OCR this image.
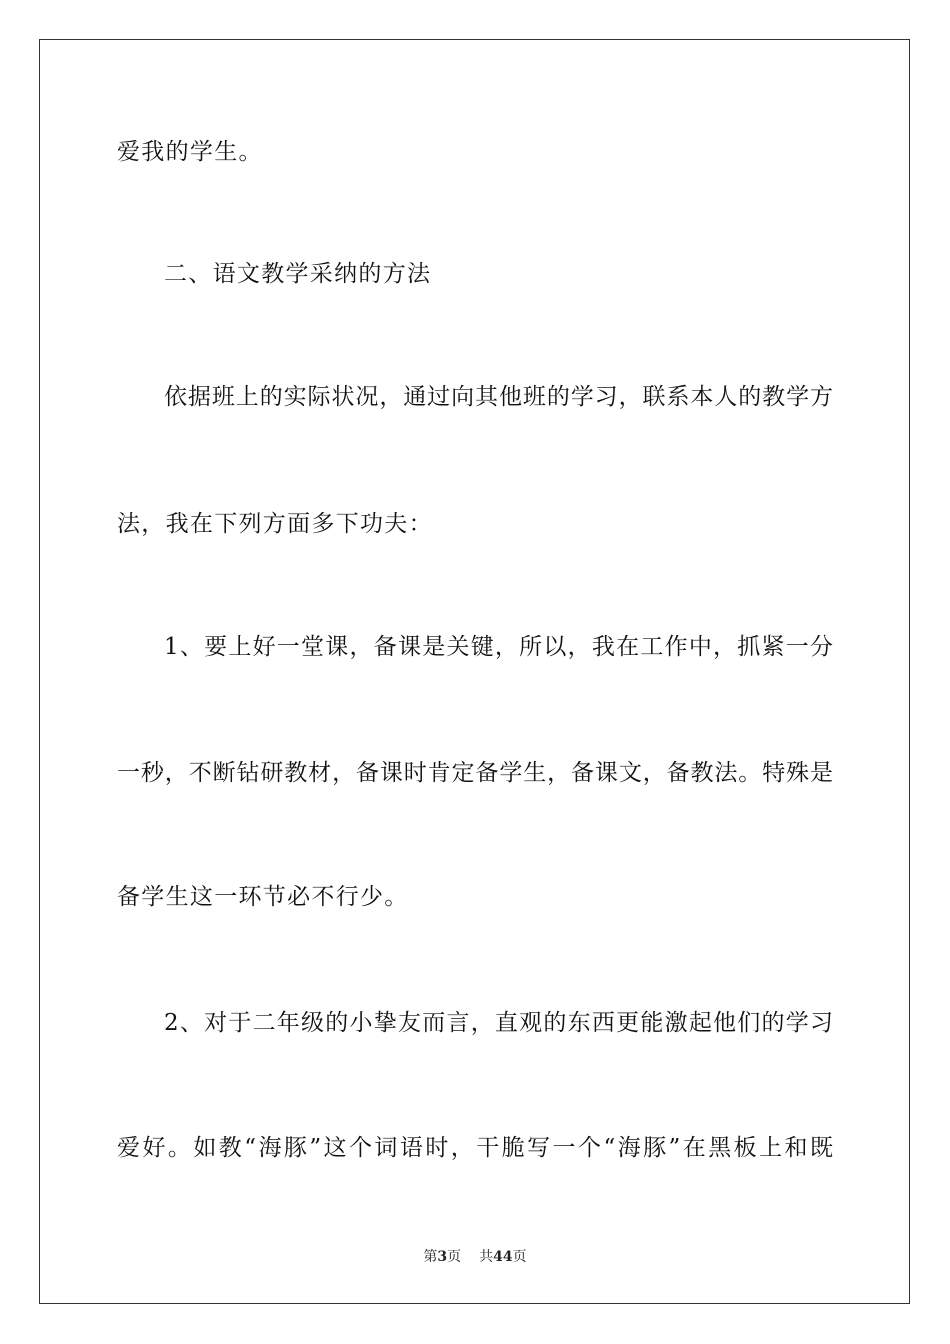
爱我的学生。
二、语文教学采纳的方法
依据班上的实际状况，通过向其他班的学习，联系本人的教学方
法，我在下列方面多下功夫：
1、要上好一堂课，备课是关键，所以，我在工作中，抓紧一分
一秒，不断钻研教材，备课时肯定备学生，备课文，备教法。特殊是
备学生这一环节必不行少。
2、对于二年级的小挚友而言，直观的东西更能激起他们的学习
爱好。如教“海豚”这个词语时，干脆写一个“海豚”在黑板上和既
第3页 共44页
